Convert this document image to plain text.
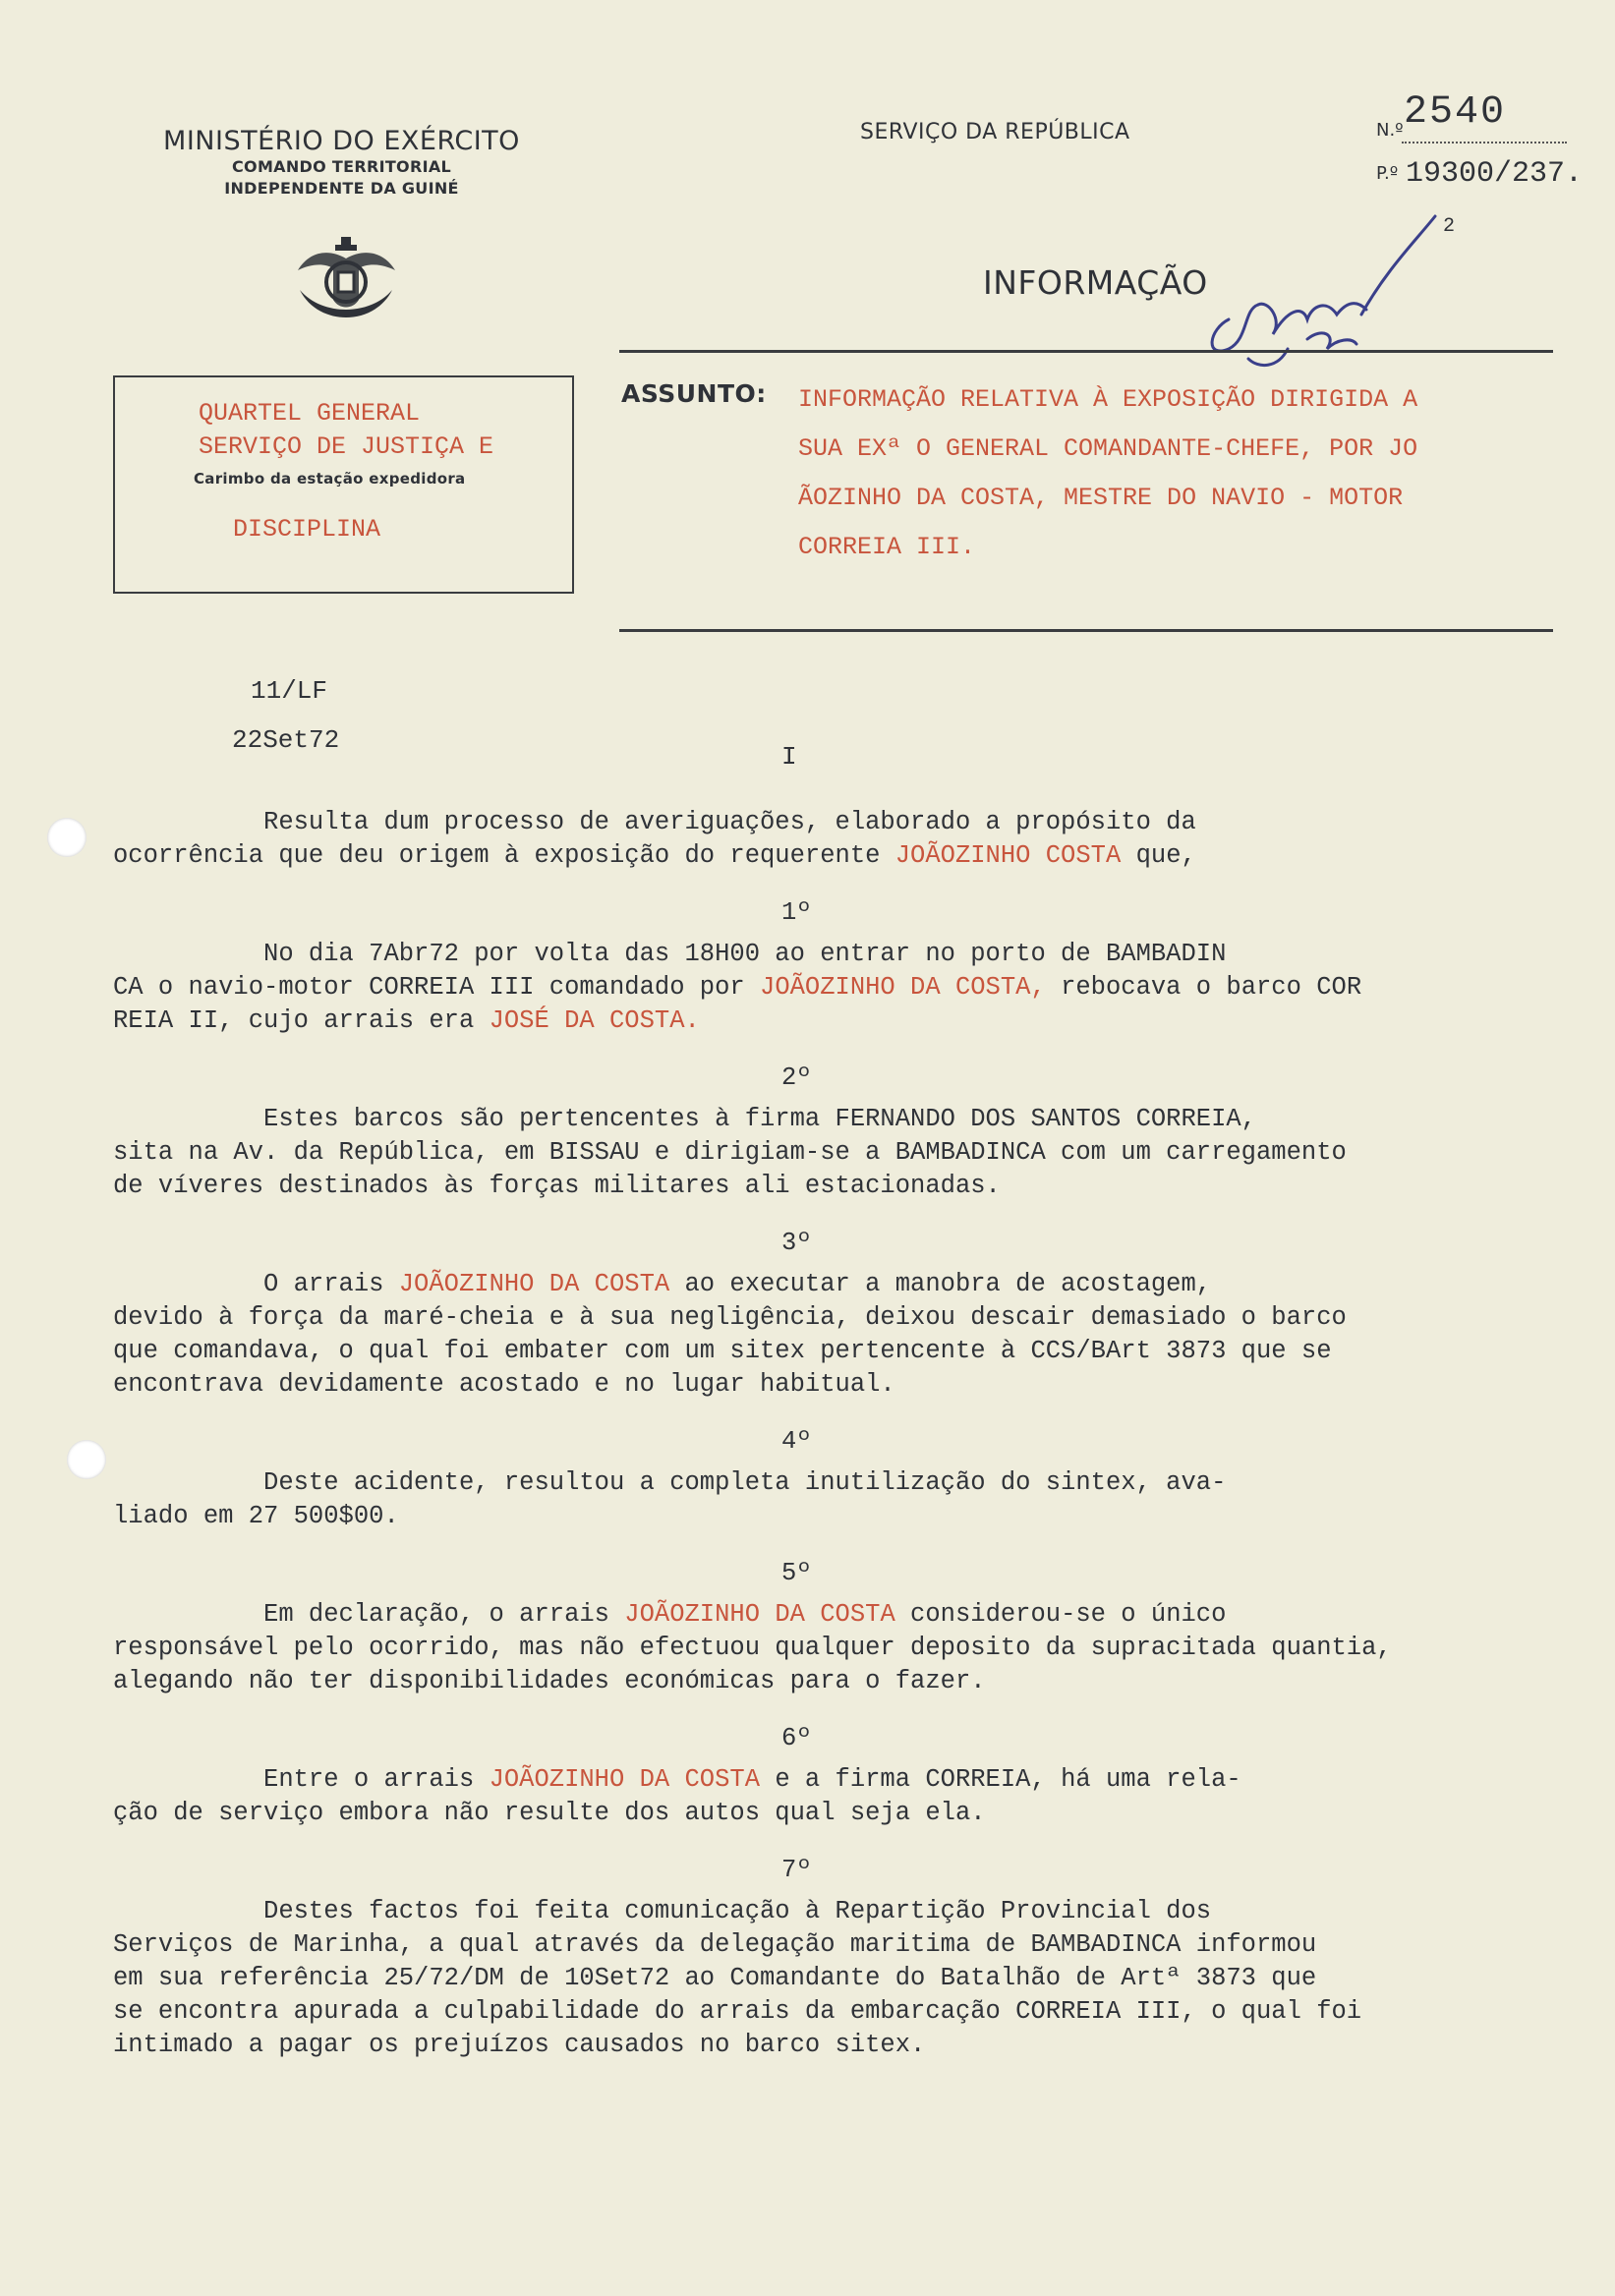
MINISTÉRIO DO EXÉRCITO
COMANDO TERRITORIAL
INDEPENDENTE DA GUINÉ
SERVIÇO DA REPÚBLICA	N.º 2540
P.º 19300/237.
INFORMAÇÃO
2
QUARTEL GENERAL
SERVIÇO DE JUSTIÇA E
Carimbo da estação expedidora
DISCIPLINA
ASSUNTO: INFORMAÇÃO RELATIVA À EXPOSIÇÃO DIRIGIDA A
SUA EXª O GENERAL COMANDANTE-CHEFE, POR JO
ÃOZINHO DA COSTA, MESTRE DO NAVIO - MOTOR
CORREIA III.
11/LF
22Set72
I
Resulta dum processo de averiguações, elaborado a propósito da
ocorrência que deu origem à exposição do requerente JOÃOZINHO COSTA que,
1º
No dia 7Abr72 por volta das 18H00 ao entrar no porto de BAMBADIN
CA o navio-motor CORREIA III comandado por JOÃOZINHO DA COSTA, rebocava o barco COR
REIA II, cujo arrais era JOSÉ DA COSTA.
2º
Estes barcos são pertencentes à firma FERNANDO DOS SANTOS CORREIA,
sita na Av. da República, em BISSAU e dirigiam-se a BAMBADINCA com um carregamento
de víveres destinados às forças militares ali estacionadas.
3º
O arrais JOÃOZINHO DA COSTA ao executar a manobra de acostagem,
devido à força da maré-cheia e à sua negligência, deixou descair demasiado o barco
que comandava, o qual foi embater com um sitex pertencente à CCS/BArt 3873 que se
encontrava devidamente acostado e no lugar habitual.
4º
Deste acidente, resultou a completa inutilização do sintex, ava-
liado em 27 500$00.
5º
Em declaração, o arrais JOÃOZINHO DA COSTA considerou-se o único
responsável pelo ocorrido, mas não efectuou qualquer deposito da supracitada quantia,
alegando não ter disponibilidades económicas para o fazer.
6º
Entre o arrais JOÃOZINHO DA COSTA e a firma CORREIA, há uma rela-
ção de serviço embora não resulte dos autos qual seja ela.
7º
Destes factos foi feita comunicação à Repartição Provincial dos
Serviços de Marinha, a qual através da delegação maritima de BAMBADINCA informou
em sua referência 25/72/DM de 10Set72 ao Comandante do Batalhão de Artª 3873 que
se encontra apurada a culpabilidade do arrais da embarcação CORREIA III, o qual foi
intimado a pagar os prejuízos causados no barco sitex.
